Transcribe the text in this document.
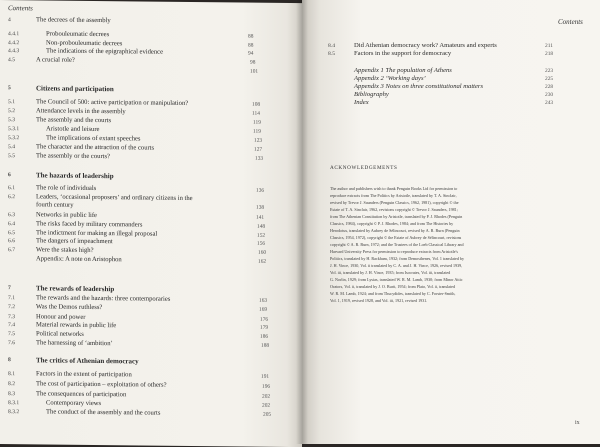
Contents
4	The decrees of the assembly
4.4.1	Probouleumatic decrees	88
4.4.2	Non-probouleumatic decrees	88
4.4.3	The indications of the epigraphical evidence	94
4.5	A crucial role?	98
101
5	Citizens and participation
5.1	The Council of 500: active participation or manipulation?	108
5.2	Attendance levels in the assembly	114
5.3	The assembly and the courts	119
5.3.1	Aristotle and leisure	119
5.3.2	The implications of extant speeches	123
5.4	The character and the attraction of the courts	127
5.5	The assembly or the courts?	133
6	The hazards of leadership
6.1	The role of individuals	136
6.2	Leaders, ‘occasional proposers’ and ordinary citizens in the
fourth century	138
6.3	Networks in public life	141
6.4	The risks faced by military commanders	148
6.5	The indictment for making an illegal proposal	152
6.6	The dangers of impeachment	156
6.7	Were the stakes high?	160
Appendix: A note on Aristophon	162
7	The rewards of leadership
7.1	The rewards and the hazards: three contemporaries	163
7.2	Was the Demos ruthless?	169
7.3	Honour and power	176
7.4	Material rewards in public life	179
7.5	Political networks	186
7.6	The harnessing of ‘ambition’	188
8	The critics of Athenian democracy
8.1	Factors in the extent of participation	191
8.2	The cost of participation – exploitation of others?	196
8.3	The consequences of participation	202
8.3.1	Contemporary views	202
8.3.2	The conduct of the assembly and the courts	205
Contents
8.4	Did Athenian democracy work? Amateurs and experts	211
8.5	Factors in the support for democracy	218
Appendix 1 The population of Athens	223
Appendix 2 ‘Working days’	225
Appendix 3 Notes on three constitutional matters	228
Bibliography	230
Index	243
ACKNOWLEDGEMENTS
The author and publishers wish to thank Penguin Books Ltd for permission to
reproduce extracts from The Politics by Aristotle, translated by T. A. Sinclair,
revised by Trevor J. Saunders (Penguin Classics, 1962, 1981), copyright © the
Estate of T. A. Sinclair, 1962, revisions copyright © Trevor J. Saunders, 1981;
from The Athenian Constitution by Aristotle, translated by P. J. Rhodes (Penguin
Classics, 1984), copyright © P. J. Rhodes, 1984; and from The Histories by
Herodotus, translated by Aubrey de Sélincourt, revised by A. R. Burn (Penguin
Classics, 1954, 1972), copyright © the Estate of Aubrey de Sélincourt, revisions
copyright © A. R. Burn, 1972; and the Trustees of the Loeb Classical Library and
Harvard University Press for permission to reproduce extracts from Aristotle's
Politics, translated by H. Rackham, 1932; from Demosthenes, Vol. 1 translated by
J. H. Vince, 1930, Vol. ii translated by C. A. and J. H. Vince, 1926, revised 1939,
Vol. iii, translated by J. H. Vince, 1935; from Isocrates, Vol. iii, translated
G. Norlin, 1929; from Lysias, translated W. R. M. Lamb, 1930; from Minor Attic
Orators, Vol. ii, translated by J. O. Burtt, 1954; from Plato, Vol. ii, translated
W. R. M. Lamb, 1924; and from Thucydides, translated by C. Forster-Smith,
Vol. 1, 1919, revised 1928, and Vol. iii, 1921, revised 1931.
ix
